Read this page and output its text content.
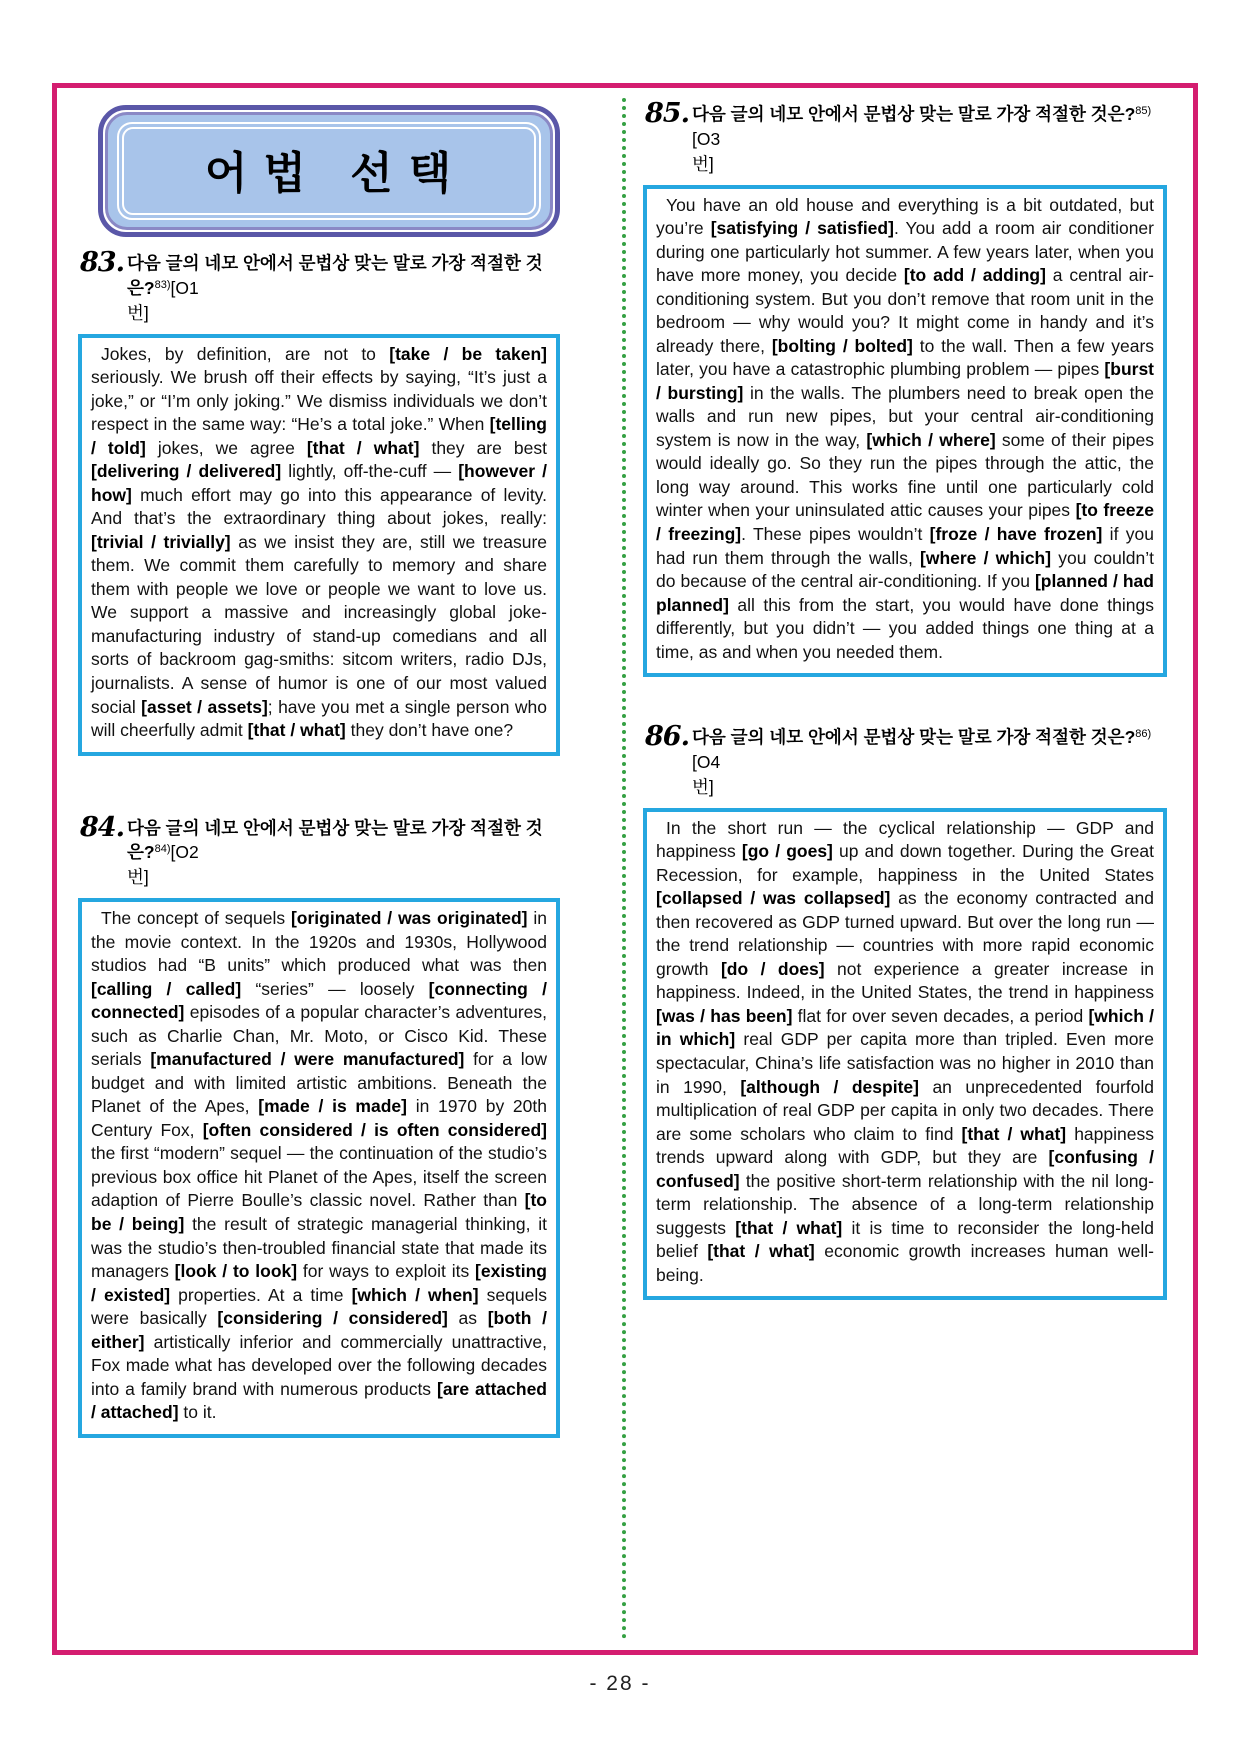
어법 선택
83. 다음 글의 네모 안에서 문법상 맞는 말로 가장 적절한 것은?$^{83)}$[O1
번]
Jokes, by definition, are not to [take / be taken] seriously. We brush off their effects by saying, “It’s just a joke,” or “I’m only joking.” We dismiss individuals we don’t respect in the same way: “He’s a total joke.” When [telling / told] jokes, we agree [that / what] they are best [delivering / delivered] lightly, off-the-cuff — [however / how] much effort may go into this appearance of levity. And that’s the extraordinary thing about jokes, really: [trivial / trivially] as we insist they are, still we treasure them. We commit them carefully to memory and share them with people we love or people we want to love us. We support a massive and increasingly global joke-manufacturing industry of stand-up comedians and all sorts of backroom gag-smiths: sitcom writers, radio DJs, journalists. A sense of humor is one of our most valued social [asset / assets]; have you met a single person who will cheerfully admit [that / what] they don’t have one?
84. 다음 글의 네모 안에서 문법상 맞는 말로 가장 적절한 것은?$^{84)}$[O2
번]
The concept of sequels [originated / was originated] in the movie context. In the 1920s and 1930s, Hollywood studios had “B units” which produced what was then [calling / called] “series” — loosely [connecting / connected] episodes of a popular character’s adventures, such as Charlie Chan, Mr. Moto, or Cisco Kid. These serials [manufactured / were manufactured] for a low budget and with limited artistic ambitions. Beneath the Planet of the Apes, [made / is made] in 1970 by 20th Century Fox, [often considered / is often considered] the first “modern” sequel — the continuation of the studio’s previous box office hit Planet of the Apes, itself the screen adaption of Pierre Boulle’s classic novel. Rather than [to be / being] the result of strategic managerial thinking, it was the studio’s then-troubled financial state that made its managers [look / to look] for ways to exploit its [existing / existed] properties. At a time [which / when] sequels were basically [considering / considered] as [both / either] artistically inferior and commercially unattractive, Fox made what has developed over the following decades into a family brand with numerous products [are attached / attached] to it.
85. 다음 글의 네모 안에서 문법상 맞는 말로 가장 적절한 것은?$^{85)}$[O3
번]
You have an old house and everything is a bit outdated, but you’re [satisfying / satisfied]. You add a room air conditioner during one particularly hot summer. A few years later, when you have more money, you decide [to add / adding] a central air-conditioning system. But you don’t remove that room unit in the bedroom — why would you? It might come in handy and it’s already there, [bolting / bolted] to the wall. Then a few years later, you have a catastrophic plumbing problem — pipes [burst / bursting] in the walls. The plumbers need to break open the walls and run new pipes, but your central air-conditioning system is now in the way, [which / where] some of their pipes would ideally go. So they run the pipes through the attic, the long way around. This works fine until one particularly cold winter when your uninsulated attic causes your pipes [to freeze / freezing]. These pipes wouldn’t [froze / have frozen] if you had run them through the walls, [where / which] you couldn’t do because of the central air-conditioning. If you [planned / had planned] all this from the start, you would have done things differently, but you didn’t — you added things one thing at a time, as and when you needed them.
86. 다음 글의 네모 안에서 문법상 맞는 말로 가장 적절한 것은?$^{86)}$[O4
번]
In the short run — the cyclical relationship — GDP and happiness [go / goes] up and down together. During the Great Recession, for example, happiness in the United States [collapsed / was collapsed] as the economy contracted and then recovered as GDP turned upward. But over the long run — the trend relationship — countries with more rapid economic growth [do / does] not experience a greater increase in happiness. Indeed, in the United States, the trend in happiness [was / has been] flat for over seven decades, a period [which / in which] real GDP per capita more than tripled. Even more spectacular, China’s life satisfaction was no higher in 2010 than in 1990, [although / despite] an unprecedented fourfold multiplication of real GDP per capita in only two decades. There are some scholars who claim to find [that / what] happiness trends upward along with GDP, but they are [confusing / confused] the positive short-term relationship with the nil long-term relationship. The absence of a long-term relationship suggests [that / what] it is time to reconsider the long-held belief [that / what] economic growth increases human well-being.
- 28 -
